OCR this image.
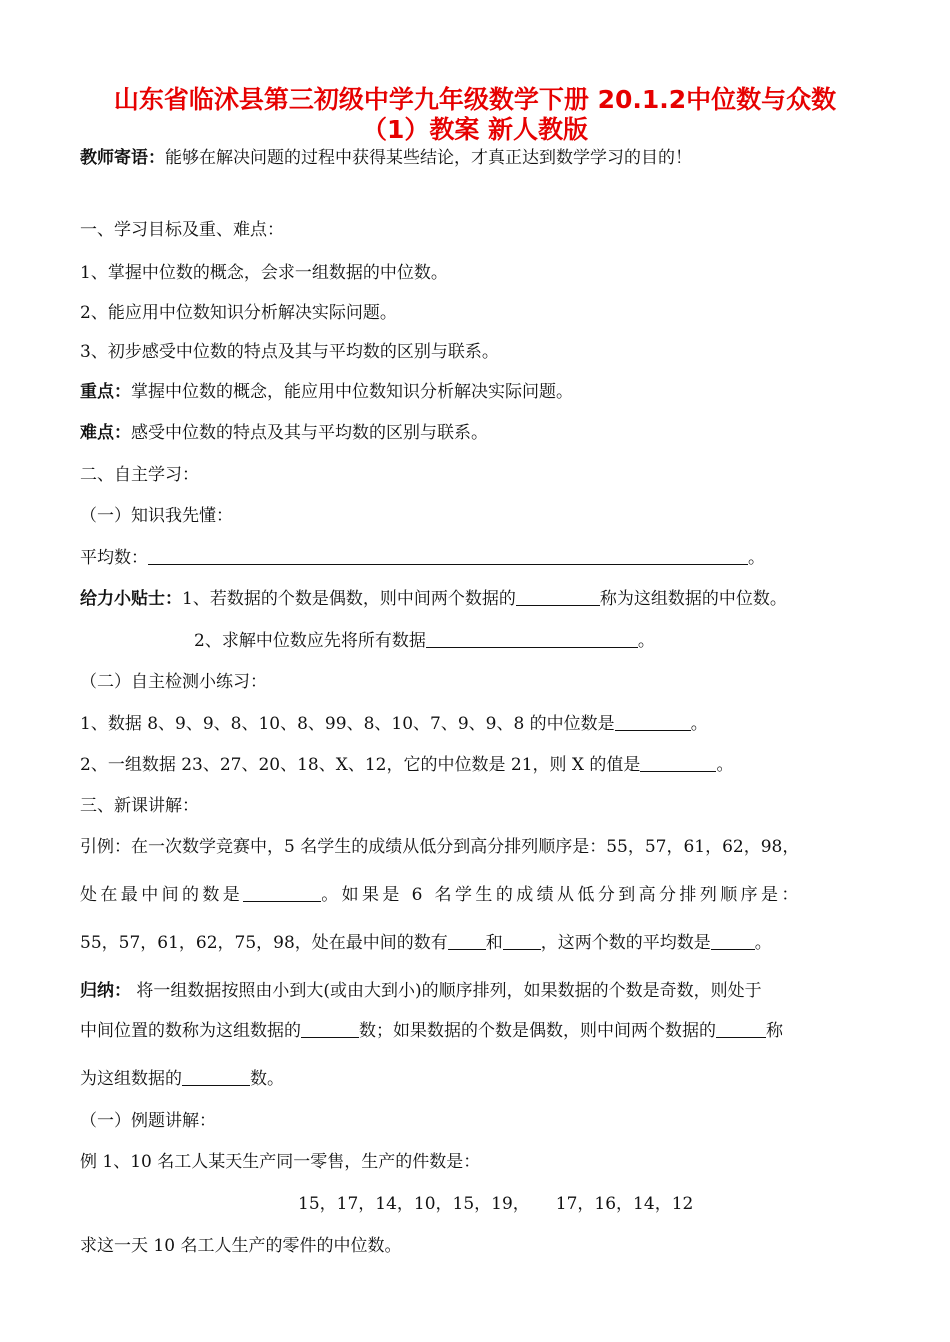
山东省临沭县第三初级中学九年级数学下册 20.1.2中位数与众数
（1）教案 新人教版
教师寄语：能够在解决问题的过程中获得某些结论，才真正达到数学学习的目的！
一、学习目标及重、难点：
1、掌握中位数的概念，会求一组数据的中位数。
2、能应用中位数知识分析解决实际问题。
3、初步感受中位数的特点及其与平均数的区别与联系。
重点：掌握中位数的概念，能应用中位数知识分析解决实际问题。
难点：感受中位数的特点及其与平均数的区别与联系。
二、自主学习：
（一）知识我先懂：
平均数：	。
给力小贴士：1、若数据的个数是偶数，则中间两个数据的	称为这组数据的中位数。
2、求解中位数应先将所有数据	。
（二）自主检测小练习：
1、数据 8、9、9、8、10、8、99、8、10、7、9、9、8 的中位数是	。
2、一组数据 23、27、20、18、X、12，它的中位数是 21，则 X 的值是	。
三、新课讲解：
引例：在一次数学竞赛中，5 名学生的成绩从低分到高分排列顺序是：55，57，61，62，98，
处在最中间的数是	。如果是 6 名学生的成绩从低分到高分排列顺序是：
55，57，61，62，75，98，处在最中间的数有 和 ，这两个数的平均数是	。
归纳： 将一组数据按照由小到大(或由大到小)的顺序排列，如果数据的个数是奇数，则处于
中间位置的数称为这组数据的	数；如果数据的个数是偶数，则中间两个数据的	称
为这组数据的	数。
（一）例题讲解：
例 1、10 名工人某天生产同一零售，生产的件数是：
15，17，14，10，15，19， 17，16，14，12
求这一天 10 名工人生产的零件的中位数。
